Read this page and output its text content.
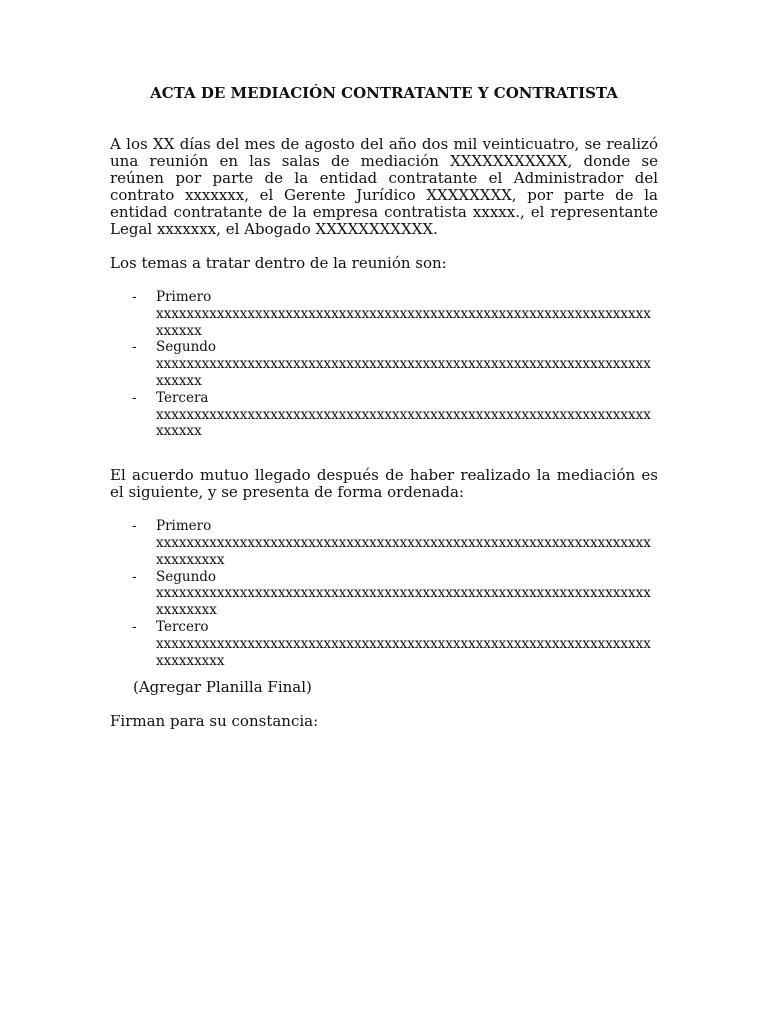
ACTA DE MEDIACIÓN CONTRATANTE Y CONTRATISTA

A los XX días del mes de agosto del año dos mil veinticuatro, se realizó una reunión en las salas de mediación XXXXXXXXXXX, donde se reúnen por parte de la entidad contratante el Administrador del contrato xxxxxxx, el Gerente Jurídico XXXXXXXX, por parte de la entidad contratante de la empresa contratista xxxxx., el representante Legal xxxxxxx, el Abogado XXXXXXXXXXX.

Los temas a tratar dentro de la reunión son:

- Primero
xxxxxxxxxxxxxxxxxxxxxxxxxxxxxxxxxxxxxxxxxxxxxxxxxxxxxxxxxxxxxxxxxxxxxxx
- Segundo
xxxxxxxxxxxxxxxxxxxxxxxxxxxxxxxxxxxxxxxxxxxxxxxxxxxxxxxxxxxxxxxxxxxxxxx
- Tercera
xxxxxxxxxxxxxxxxxxxxxxxxxxxxxxxxxxxxxxxxxxxxxxxxxxxxxxxxxxxxxxxxxxxxxxx

El acuerdo mutuo llegado después de haber realizado la mediación es el siguiente, y se presenta de forma ordenada:

- Primero
xxxxxxxxxxxxxxxxxxxxxxxxxxxxxxxxxxxxxxxxxxxxxxxxxxxxxxxxxxxxxxxxxxxxxxxxxx
- Segundo
xxxxxxxxxxxxxxxxxxxxxxxxxxxxxxxxxxxxxxxxxxxxxxxxxxxxxxxxxxxxxxxxxxxxxxxxx
- Tercero
xxxxxxxxxxxxxxxxxxxxxxxxxxxxxxxxxxxxxxxxxxxxxxxxxxxxxxxxxxxxxxxxxxxxxxxxxx

(Agregar Planilla Final)

Firman para su constancia:
